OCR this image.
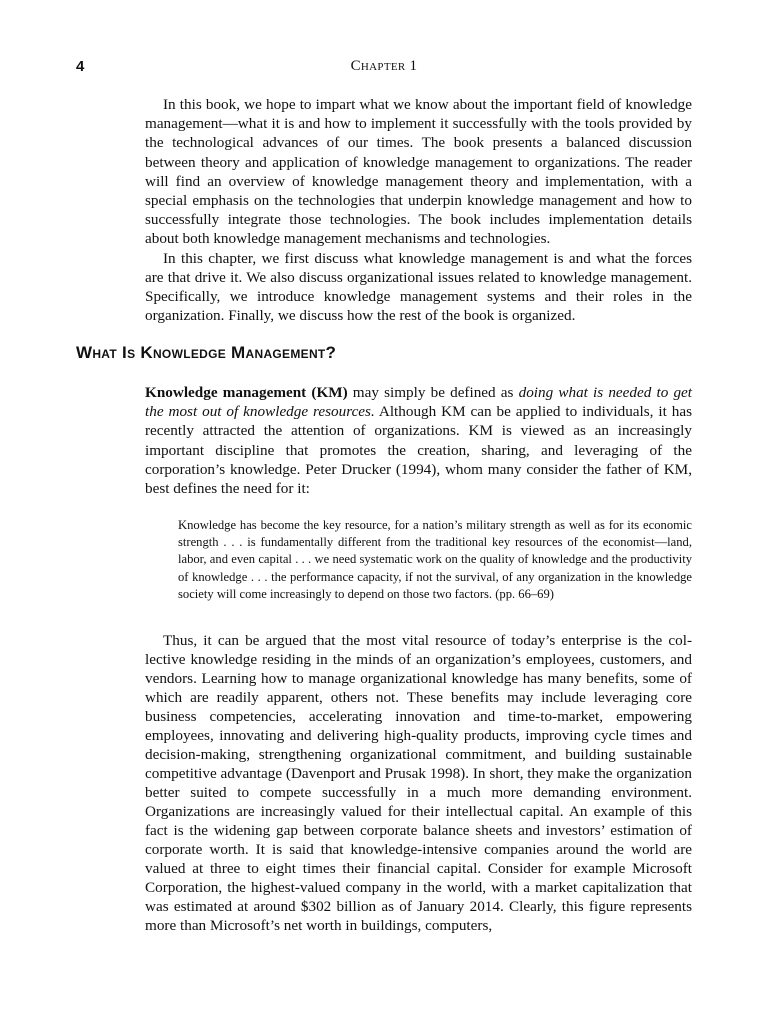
4	Chapter 1

In this book, we hope to impart what we know about the important field of knowledge management—what it is and how to implement it successfully with the tools provided by the technological advances of our times. The book presents a balanced discussion between theory and application of knowledge management to organizations. The reader will find an overview of knowledge management theory and implementation, with a special emphasis on the technologies that underpin knowledge management and how to successfully integrate those technologies. The book includes implementation details about both knowledge management mechanisms and technologies.

In this chapter, we first discuss what knowledge management is and what the forces are that drive it. We also discuss organizational issues related to knowledge management. Specifically, we introduce knowledge management systems and their roles in the organization. Finally, we discuss how the rest of the book is organized.

What Is Knowledge Management?

Knowledge management (KM) may simply be defined as doing what is needed to get the most out of knowledge resources. Although KM can be applied to individuals, it has recently attracted the attention of organizations. KM is viewed as an increasingly important discipline that promotes the creation, sharing, and leveraging of the corporation’s knowledge. Peter Drucker (1994), whom many consider the father of KM, best defines the need for it:

Knowledge has become the key resource, for a nation’s military strength as well as for its economic strength . . . is fundamentally different from the traditional key resources of the economist—land, labor, and even capital . . . we need systematic work on the quality of knowledge and the productivity of knowledge . . . the performance capacity, if not the survival, of any organization in the knowledge society will come increasingly to depend on those two factors. (pp. 66–69)

Thus, it can be argued that the most vital resource of today’s enterprise is the collective knowledge residing in the minds of an organization’s employees, customers, and vendors. Learning how to manage organizational knowledge has many benefits, some of which are readily apparent, others not. These benefits may include leveraging core business competencies, accelerating innovation and time-to-market, empowering employees, innovating and delivering high-quality products, improving cycle times and decision-making, strengthening organizational commitment, and building sustainable competitive advantage (Davenport and Prusak 1998). In short, they make the organization better suited to compete successfully in a much more demanding environment. Organizations are increasingly valued for their intellectual capital. An example of this fact is the widening gap between corporate balance sheets and investors’ estimation of corporate worth. It is said that knowledge-intensive companies around the world are valued at three to eight times their financial capital. Consider for example Microsoft Corporation, the highest-valued company in the world, with a market capitalization that was estimated at around $302 billion as of January 2014. Clearly, this figure represents more than Microsoft’s net worth in buildings, computers,
